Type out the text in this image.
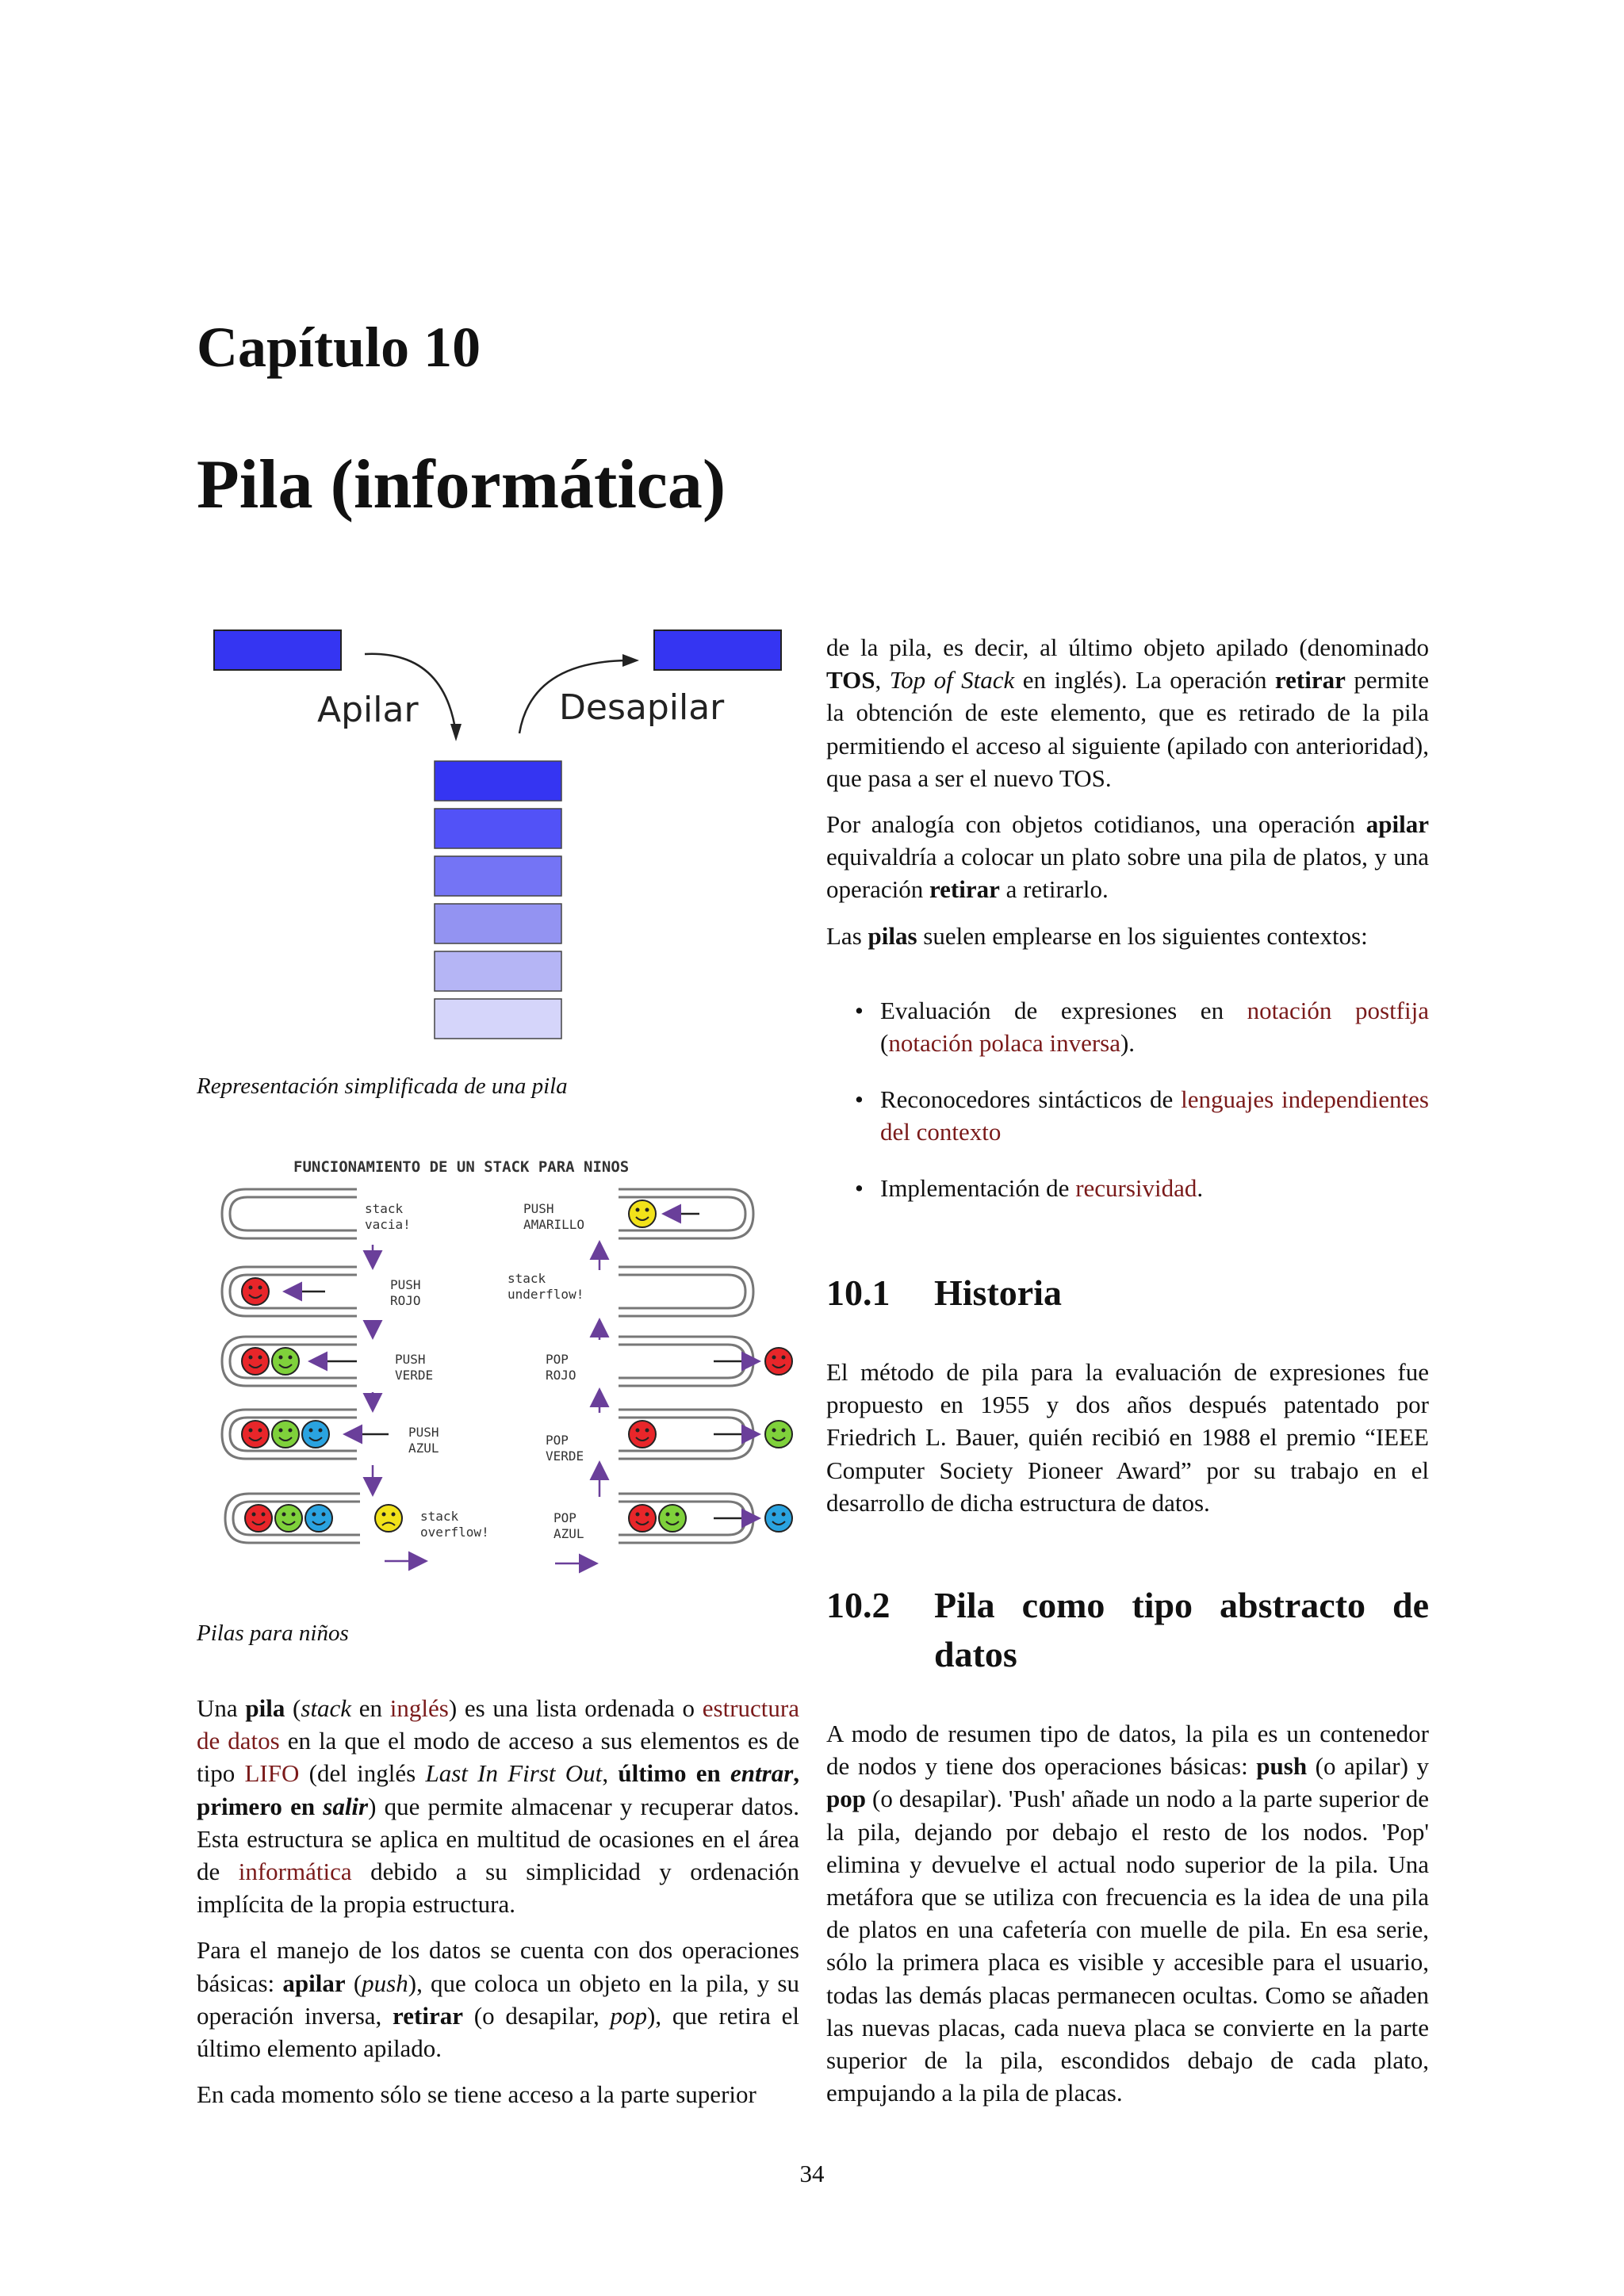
Capítulo 10
Pila (informática)
Apilar	Desapilar
Representación simplificada de una pila
FUNCIONAMIENTO DE UN STACK PARA NINOS
stack
vacia!
PUSH
ROJO
PUSH
VERDE
PUSH
AZUL
stack
overflow!
PUSH
AMARILLO
stack
underflow!
POP
ROJO
POP
VERDE
POP
AZUL
Pilas para niños

Una pila (stack en inglés) es una lista ordenada o estructura de datos en la que el modo de acceso a sus elementos es de tipo LIFO (del inglés Last In First Out, último en entrar, primero en salir) que permite almacenar y recuperar datos. Esta estructura se aplica en multitud de ocasiones en el área de informática debido a su simplicidad y ordenación implícita de la propia estructura.

Para el manejo de los datos se cuenta con dos operaciones básicas: apilar (push), que coloca un objeto en la pila, y su operación inversa, retirar (o desapilar, pop), que retira el último elemento apilado.

En cada momento sólo se tiene acceso a la parte superior

de la pila, es decir, al último objeto apilado (denominado TOS, Top of Stack en inglés). La operación retirar permite la obtención de este elemento, que es retirado de la pila permitiendo el acceso al siguiente (apilado con anterioridad), que pasa a ser el nuevo TOS.

Por analogía con objetos cotidianos, una operación apilar equivaldría a colocar un plato sobre una pila de platos, y una operación retirar a retirarlo.

Las pilas suelen emplearse en los siguientes contextos:

• Evaluación de expresiones en notación postfija (notación polaca inversa).
• Reconocedores sintácticos de lenguajes independientes del contexto
• Implementación de recursividad.
10.1 Historia

El método de pila para la evaluación de expresiones fue propuesto en 1955 y dos años después patentado por Friedrich L. Bauer, quién recibió en 1988 el premio “IEEE Computer Society Pioneer Award” por su trabajo en el desarrollo de dicha estructura de datos.

10.2	Pila como tipo abstracto de
datos

A modo de resumen tipo de datos, la pila es un contenedor de nodos y tiene dos operaciones básicas: push (o apilar) y pop (o desapilar). 'Push' añade un nodo a la parte superior de la pila, dejando por debajo el resto de los nodos. 'Pop' elimina y devuelve el actual nodo superior de la pila. Una metáfora que se utiliza con frecuencia es la idea de una pila de platos en una cafetería con muelle de pila. En esa serie, sólo la primera placa es visible y accesible para el usuario, todas las demás placas permanecen ocultas. Como se añaden las nuevas placas, cada nueva placa se convierte en la parte superior de la pila, escondidos debajo de cada plato, empujando a la pila de placas.

34
